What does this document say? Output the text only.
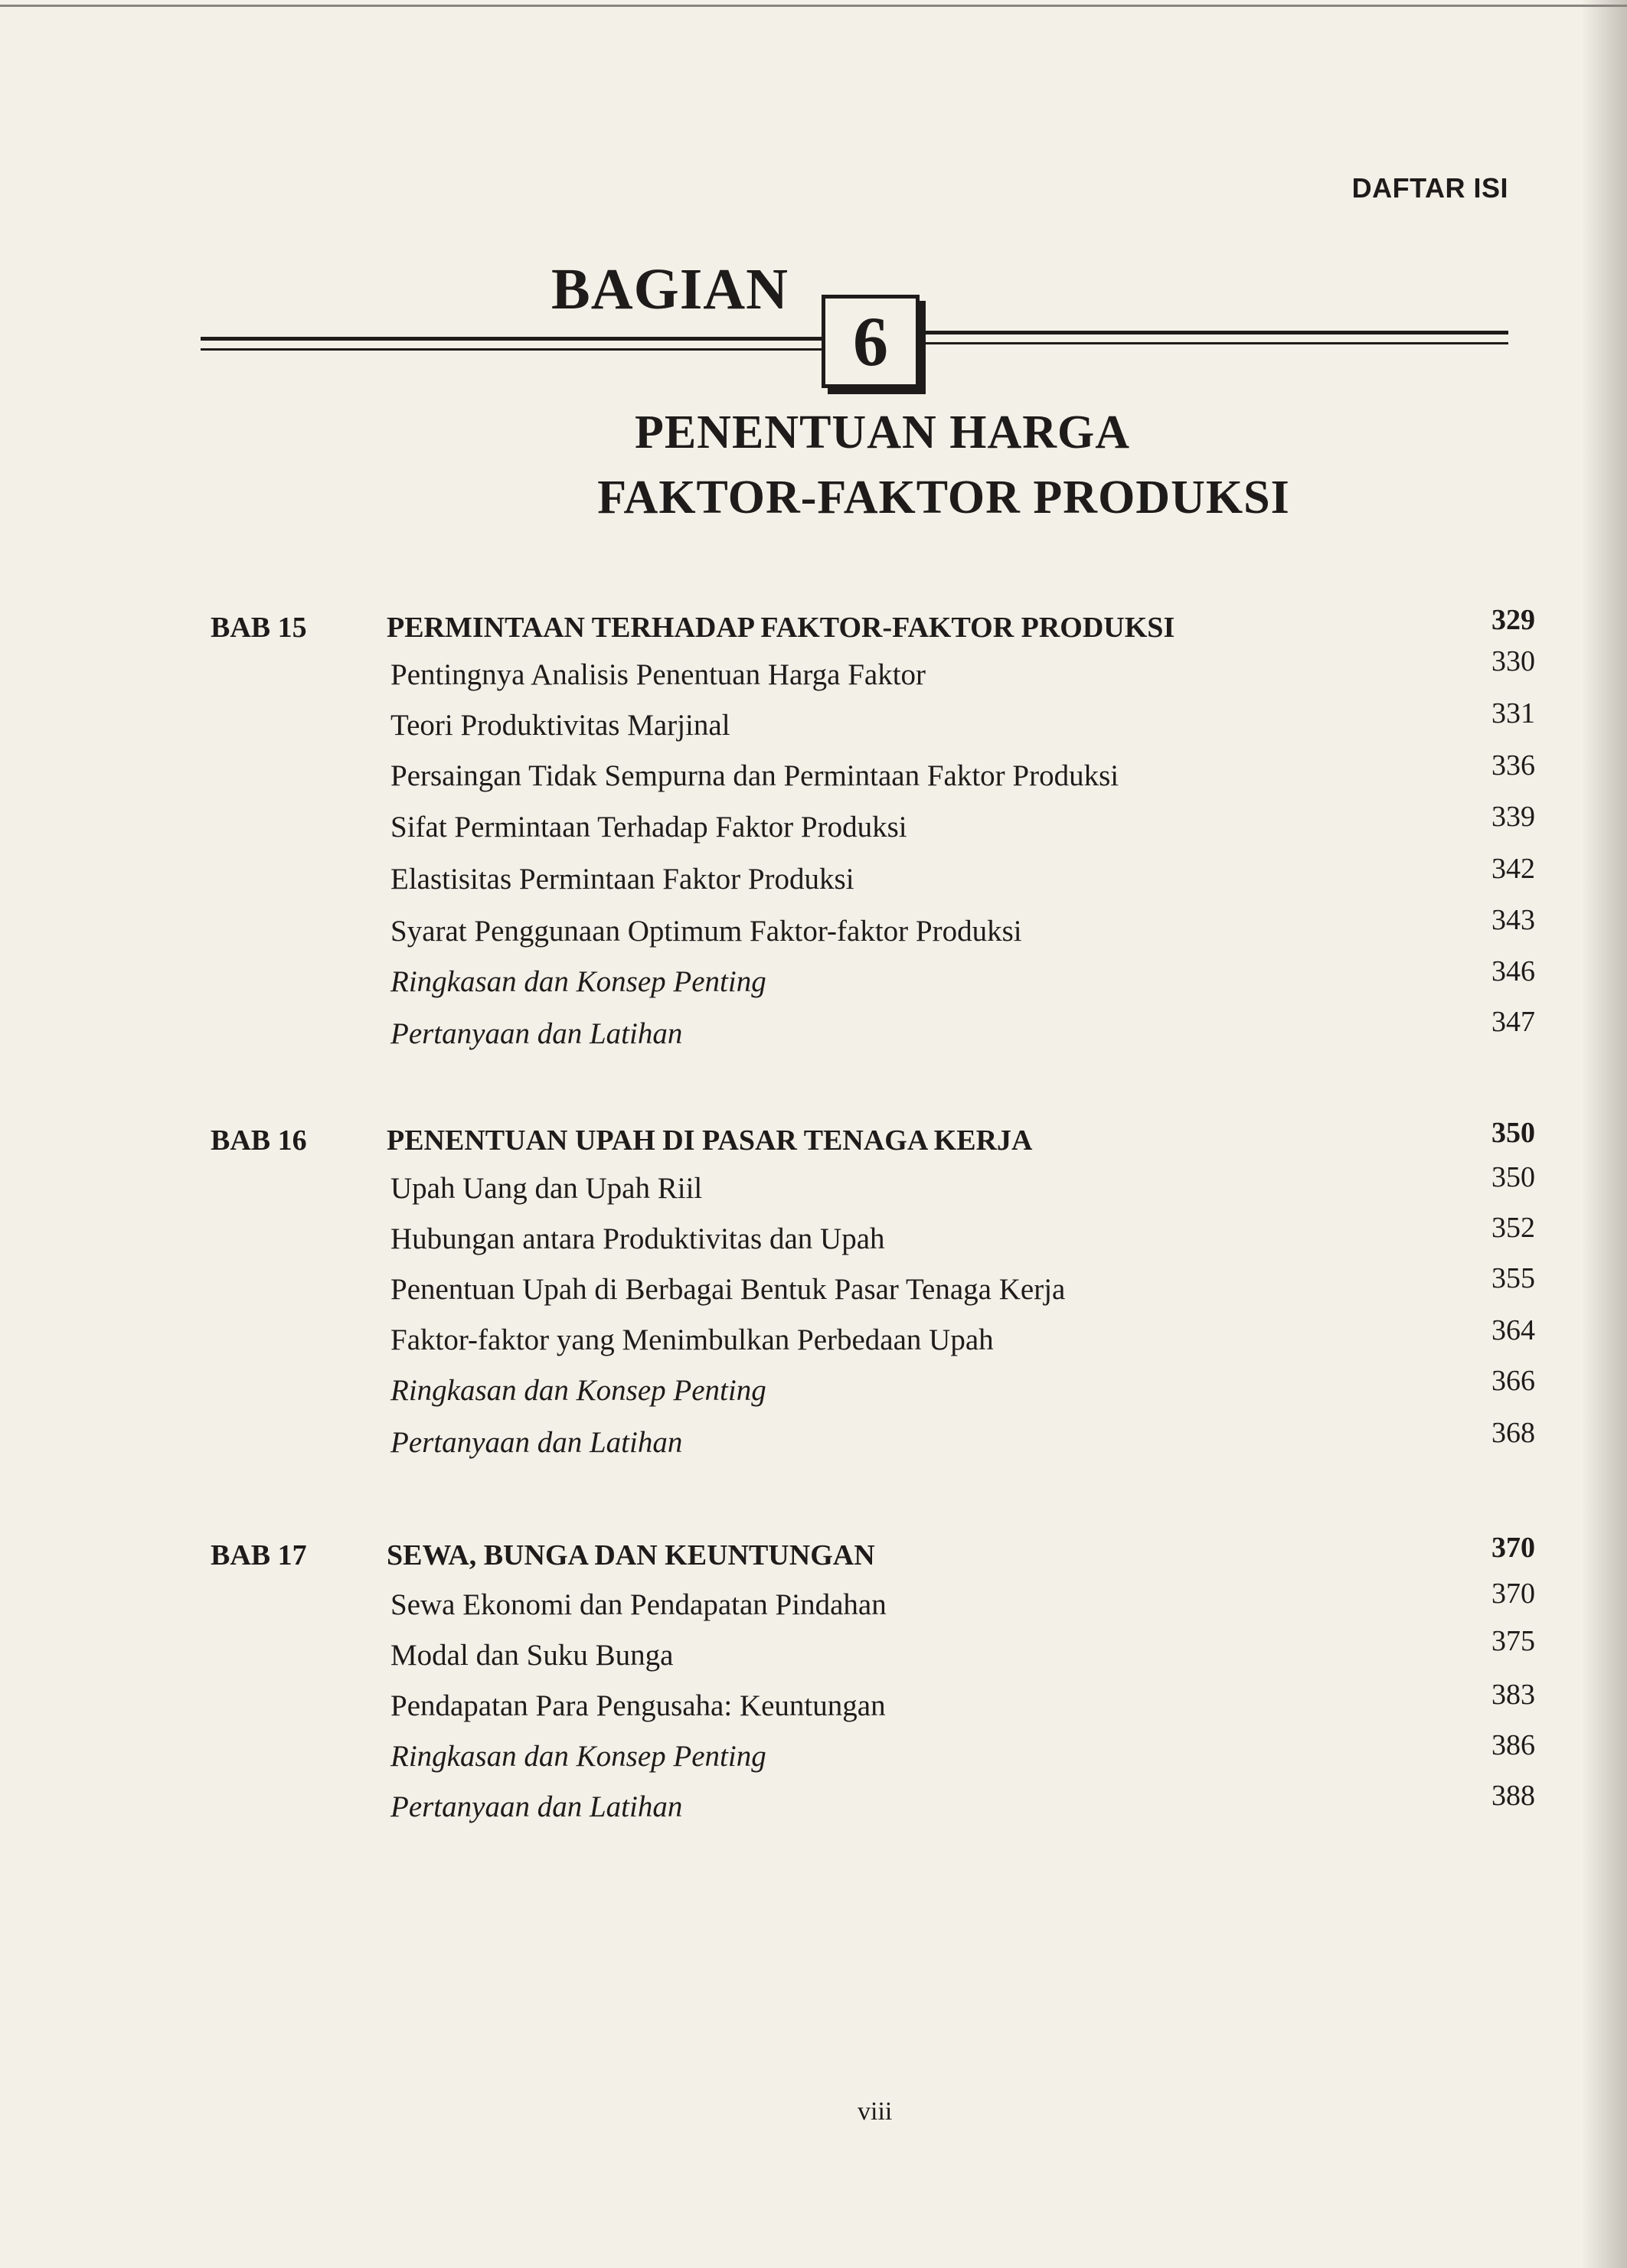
DAFTAR ISI
BAGIAN
6
PENENTUAN HARGA
FAKTOR-FAKTOR PRODUKSI
BAB 15	PERMINTAAN TERHADAP FAKTOR-FAKTOR PRODUKSI	329
Pentingnya Analisis Penentuan Harga Faktor	330
Teori Produktivitas Marjinal	331
Persaingan Tidak Sempurna dan Permintaan Faktor Produksi	336
Sifat Permintaan Terhadap Faktor Produksi	339
Elastisitas Permintaan Faktor Produksi	342
Syarat Penggunaan Optimum Faktor-faktor Produksi	343
Ringkasan dan Konsep Penting	346
Pertanyaan dan Latihan	347
BAB 16	PENENTUAN UPAH DI PASAR TENAGA KERJA	350
Upah Uang dan Upah Riil	350
Hubungan antara Produktivitas dan Upah	352
Penentuan Upah di Berbagai Bentuk Pasar Tenaga Kerja	355
Faktor-faktor yang Menimbulkan Perbedaan Upah	364
Ringkasan dan Konsep Penting	366
Pertanyaan dan Latihan	368
BAB 17	SEWA, BUNGA DAN KEUNTUNGAN	370
Sewa Ekonomi dan Pendapatan Pindahan	370
Modal dan Suku Bunga	375
Pendapatan Para Pengusaha: Keuntungan	383
Ringkasan dan Konsep Penting	386
Pertanyaan dan Latihan	388
viii
